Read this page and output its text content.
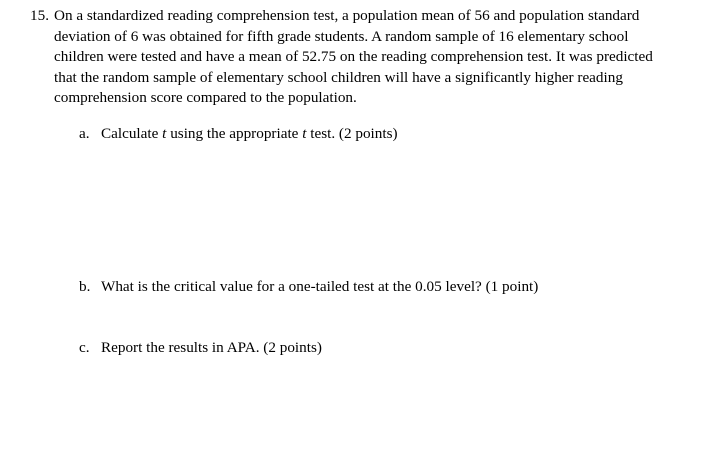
15. On a standardized reading comprehension test, a population mean of 56 and population standard
deviation of 6 was obtained for fifth grade students. A random sample of 16 elementary school
children were tested and have a mean of 52.75 on the reading comprehension test. It was predicted
that the random sample of elementary school children will have a significantly higher reading
comprehension score compared to the population.
a. Calculate t using the appropriate t test. (2 points)
b. What is the critical value for a one-tailed test at the 0.05 level? (1 point)
c. Report the results in APA. (2 points)
